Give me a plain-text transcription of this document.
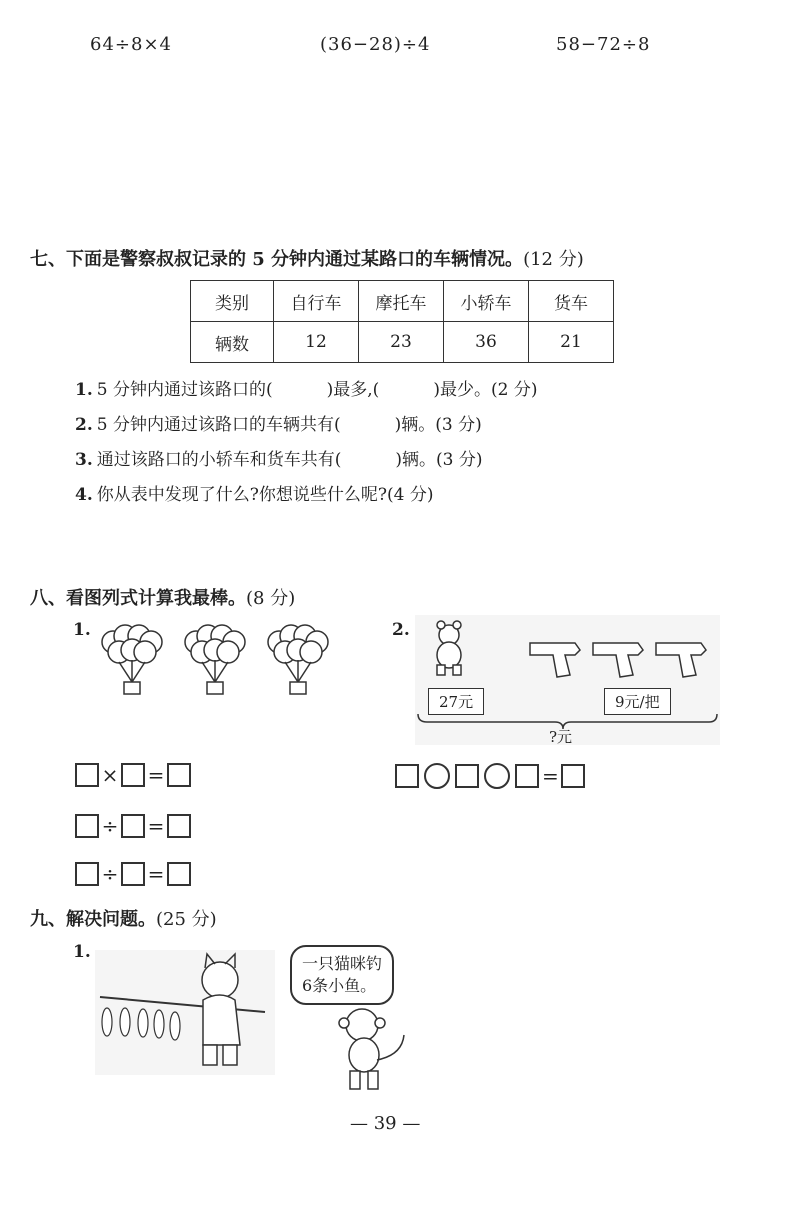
64÷8×4	(36−28)÷4	58−72÷8
七、下面是警察叔叔记录的 5 分钟内通过某路口的车辆情况。(12 分)
类别	自行车	摩托车	小轿车	货车
辆数	12	23	36	21
1. 5 分钟内通过该路口的(          )最多,(          )最少。(2 分)
2. 5 分钟内通过该路口的车辆共有(          )辆。(3 分)
3. 通过该路口的小轿车和货车共有(          )辆。(3 分)
4. 你从表中发现了什么?你想说些什么呢?(4 分)
八、看图列式计算我最棒。(8 分)
1.	2.
27元	9元/把
?元
× =
÷ =
÷ =
=
九、解决问题。(25 分)
1.
一只猫咪钓
6条小鱼。
— 39 —
